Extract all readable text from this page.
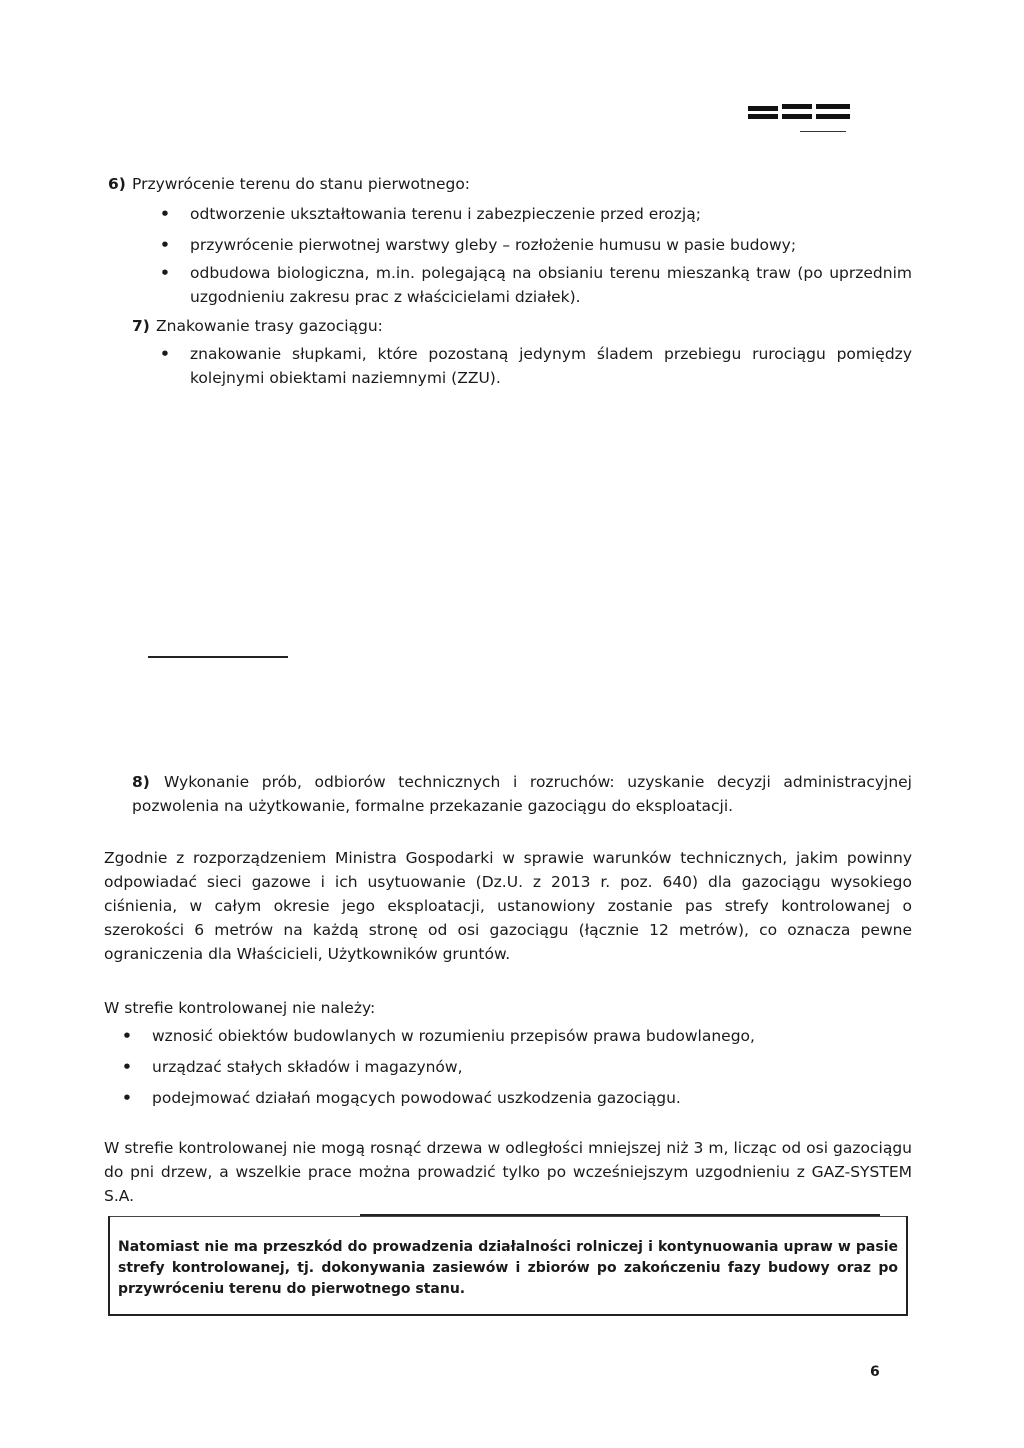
6) Przywrócenie terenu do stanu pierwotnego:
• odtworzenie ukształtowania terenu i zabezpieczenie przed erozją;
• przywrócenie pierwotnej warstwy gleby – rozłożenie humusu w pasie budowy;
• odbudowa biologiczna, m.in. polegającą na obsianiu terenu mieszanką traw (po uprzednim uzgodnieniu zakresu prac z właścicielami działek).
7) Znakowanie trasy gazociągu:
• znakowanie słupkami, które pozostaną jedynym śladem przebiegu rurociągu pomiędzy kolejnymi obiektami naziemnymi (ZZU).
8) Wykonanie prób, odbiorów technicznych i rozruchów: uzyskanie decyzji administracyjnej pozwolenia na użytkowanie, formalne przekazanie gazociągu do eksploatacji.
Zgodnie z rozporządzeniem Ministra Gospodarki w sprawie warunków technicznych, jakim powinny odpowiadać sieci gazowe i ich usytuowanie (Dz.U. z 2013 r. poz. 640) dla gazociągu wysokiego ciśnienia, w całym okresie jego eksploatacji, ustanowiony zostanie pas strefy kontrolowanej o szerokości 6 metrów na każdą stronę od osi gazociągu (łącznie 12 metrów), co oznacza pewne ograniczenia dla Właścicieli, Użytkowników gruntów.
W strefie kontrolowanej nie należy:
• wznosić obiektów budowlanych w rozumieniu przepisów prawa budowlanego,
• urządzać stałych składów i magazynów,
• podejmować działań mogących powodować uszkodzenia gazociągu.
W strefie kontrolowanej nie mogą rosnąć drzewa w odległości mniejszej niż 3 m, licząc od osi gazociągu do pni drzew, a wszelkie prace można prowadzić tylko po wcześniejszym uzgodnieniu z GAZ-SYSTEM S.A.
Natomiast nie ma przeszkód do prowadzenia działalności rolniczej i kontynuowania upraw w pasie strefy kontrolowanej, tj. dokonywania zasiewów i zbiorów po zakończeniu fazy budowy oraz po przywróceniu terenu do pierwotnego stanu.
6
